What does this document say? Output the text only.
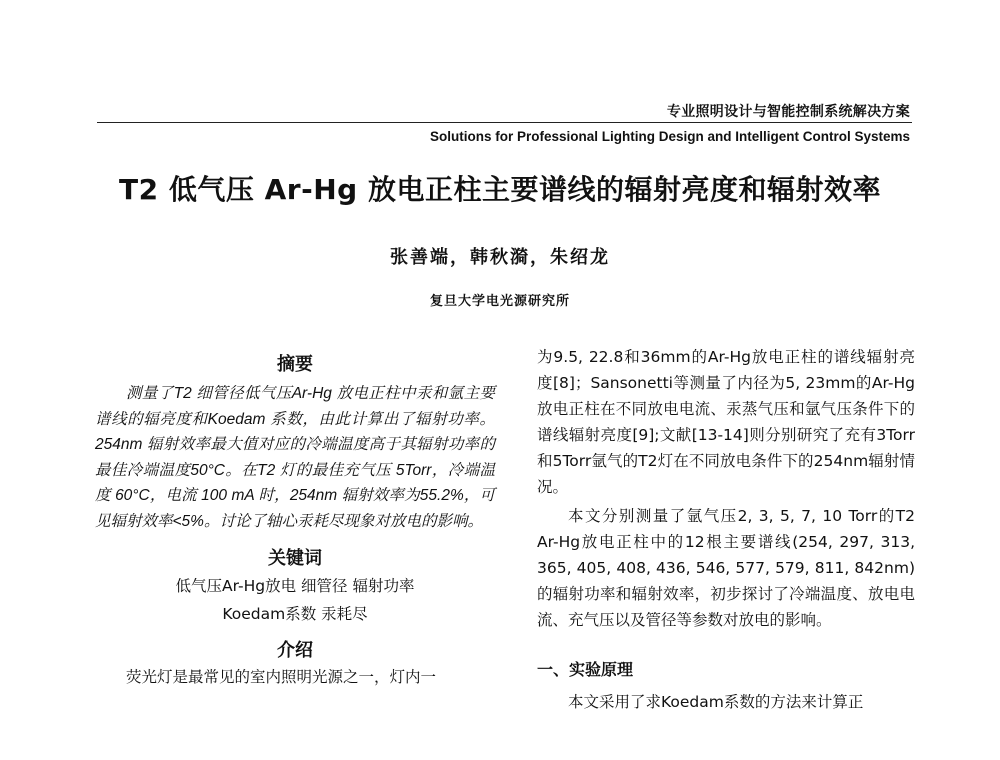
专业照明设计与智能控制系统解决方案
Solutions for Professional Lighting Design and Intelligent Control Systems
T2 低气压 Ar-Hg 放电正柱主要谱线的辐射亮度和辐射效率
张善端，韩秋漪，朱绍龙
复旦大学电光源研究所
摘要
测量了T2 细管径低气压Ar-Hg 放电正柱中汞和氩主要谱线的辐亮度和Koedam 系数，由此计算出了辐射功率。254nm 辐射效率最大值对应的冷端温度高于其辐射功率的最佳冷端温度50°C。在T2 灯的最佳充气压 5Torr，冷端温度 60°C，电流 100 mA 时，254nm 辐射效率为55.2%，可见辐射效率<5%。讨论了轴心汞耗尽现象对放电的影响。
关键词
低气压Ar-Hg放电 细管径 辐射功率
Koedam系数 汞耗尽
介绍
荧光灯是最常见的室内照明光源之一，灯内一
为9.5, 22.8和36mm的Ar-Hg放电正柱的谱线辐射亮度[8]；Sansonetti等测量了内径为5, 23mm的Ar-Hg放电正柱在不同放电电流、汞蒸气压和氩气压条件下的谱线辐射亮度[9];文献[13-14]则分别研究了充有3Torr和5Torr氩气的T2灯在不同放电条件下的254nm辐射情况。
本文分别测量了氩气压2, 3, 5, 7, 10 Torr的T2 Ar-Hg放电正柱中的12根主要谱线(254, 297, 313, 365, 405, 408, 436, 546, 577, 579, 811, 842nm)的辐射功率和辐射效率，初步探讨了冷端温度、放电电流、充气压以及管径等参数对放电的影响。
一、实验原理
本文采用了求Koedam系数的方法来计算正
